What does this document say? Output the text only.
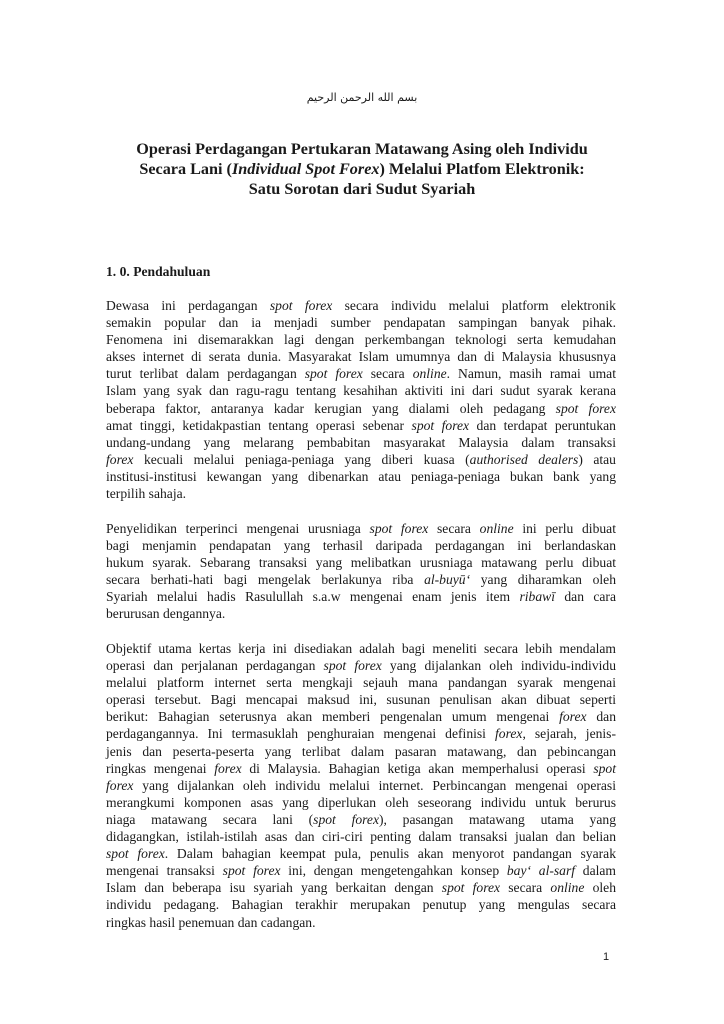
بسم الله الرحمن الرحيم
Operasi Perdagangan Pertukaran Matawang Asing oleh Individu
Secara Lani (Individual Spot Forex) Melalui Platfom Elektronik:
Satu Sorotan dari Sudut Syariah
1. 0. Pendahuluan
Dewasa ini perdagangan spot forex secara individu melalui platform elektronik
semakin popular dan ia menjadi sumber pendapatan sampingan banyak pihak.
Fenomena ini disemarakkan lagi dengan perkembangan teknologi serta kemudahan
akses internet di serata dunia. Masyarakat Islam umumnya dan di Malaysia khususnya
turut terlibat dalam perdagangan spot forex secara online. Namun, masih ramai umat
Islam yang syak dan ragu-ragu tentang kesahihan aktiviti ini dari sudut syarak kerana
beberapa faktor, antaranya kadar kerugian yang dialami oleh pedagang spot forex
amat tinggi, ketidakpastian tentang operasi sebenar spot forex dan terdapat peruntukan
undang-undang yang melarang pembabitan masyarakat Malaysia dalam transaksi
forex kecuali melalui peniaga-peniaga yang diberi kuasa (authorised dealers) atau
institusi-institusi kewangan yang dibenarkan atau peniaga-peniaga bukan bank yang
terpilih sahaja.
Penyelidikan terperinci mengenai urusniaga spot forex secara online ini perlu dibuat
bagi menjamin pendapatan yang terhasil daripada perdagangan ini berlandaskan
hukum syarak. Sebarang transaksi yang melibatkan urusniaga matawang perlu dibuat
secara berhati-hati bagi mengelak berlakunya riba al-buyūʻ yang diharamkan oleh
Syariah melalui hadis Rasulullah s.a.w mengenai enam jenis item ribawī dan cara
berurusan dengannya.
Objektif utama kertas kerja ini disediakan adalah bagi meneliti secara lebih mendalam
operasi dan perjalanan perdagangan spot forex yang dijalankan oleh individu-individu
melalui platform internet serta mengkaji sejauh mana pandangan syarak mengenai
operasi tersebut. Bagi mencapai maksud ini, susunan penulisan akan dibuat seperti
berikut: Bahagian seterusnya akan memberi pengenalan umum mengenai forex dan
perdagangannya. Ini termasuklah penghuraian mengenai definisi forex, sejarah, jenis-
jenis dan peserta-peserta yang terlibat dalam pasaran matawang, dan pebincangan
ringkas mengenai forex di Malaysia. Bahagian ketiga akan memperhalusi operasi spot
forex yang dijalankan oleh individu melalui internet. Perbincangan mengenai operasi
merangkumi komponen asas yang diperlukan oleh seseorang individu untuk berurus
niaga matawang secara lani (spot forex), pasangan matawang utama yang
didagangkan, istilah-istilah asas dan ciri-ciri penting dalam transaksi jualan dan belian
spot forex. Dalam bahagian keempat pula, penulis akan menyorot pandangan syarak
mengenai transaksi spot forex ini, dengan mengetengahkan konsep bayʻ al-sarf dalam
Islam dan beberapa isu syariah yang berkaitan dengan spot forex secara online oleh
individu pedagang. Bahagian terakhir merupakan penutup yang mengulas secara
ringkas hasil penemuan dan cadangan.
1
